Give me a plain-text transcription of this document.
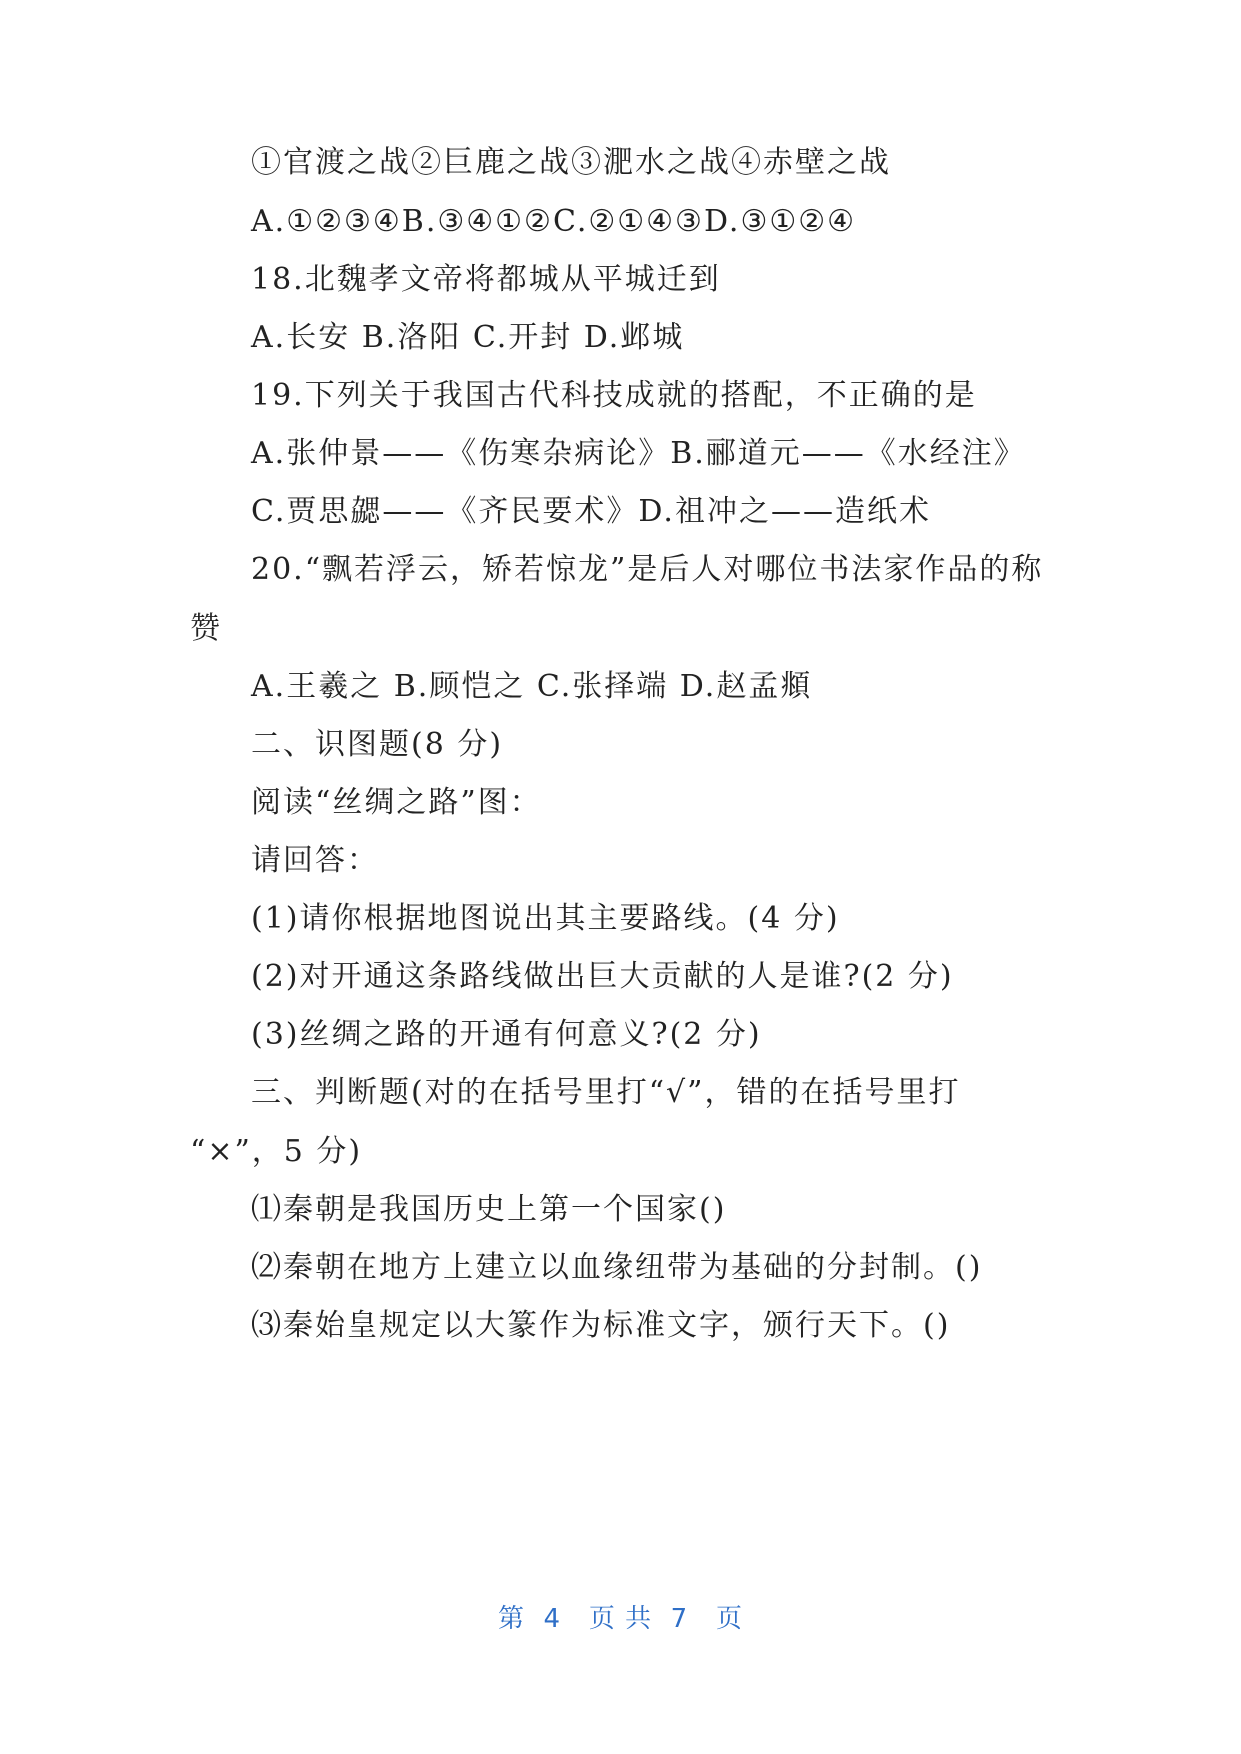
①官渡之战②巨鹿之战③淝水之战④赤壁之战
A.①②③④B.③④①②C.②①④③D.③①②④
18.北魏孝文帝将都城从平城迁到
A.长安 B.洛阳 C.开封 D.邺城
19.下列关于我国古代科技成就的搭配，不正确的是
A.张仲景——《伤寒杂病论》B.郦道元——《水经注》
C.贾思勰——《齐民要术》D.祖冲之——造纸术
20.“飘若浮云，矫若惊龙”是后人对哪位书法家作品的称
赞
A.王羲之 B.顾恺之 C.张择端 D.赵孟頫
二、识图题(8 分)
阅读“丝绸之路”图：
请回答：
(1)请你根据地图说出其主要路线。(4 分)
(2)对开通这条路线做出巨大贡献的人是谁?(2 分)
(3)丝绸之路的开通有何意义?(2 分)
三、判断题(对的在括号里打“√”，错的在括号里打
“×”，5 分)
⑴秦朝是我国历史上第一个国家()
⑵秦朝在地方上建立以血缘纽带为基础的分封制。()
⑶秦始皇规定以大篆作为标准文字，颁行天下。()
第  4   页 共  7   页
